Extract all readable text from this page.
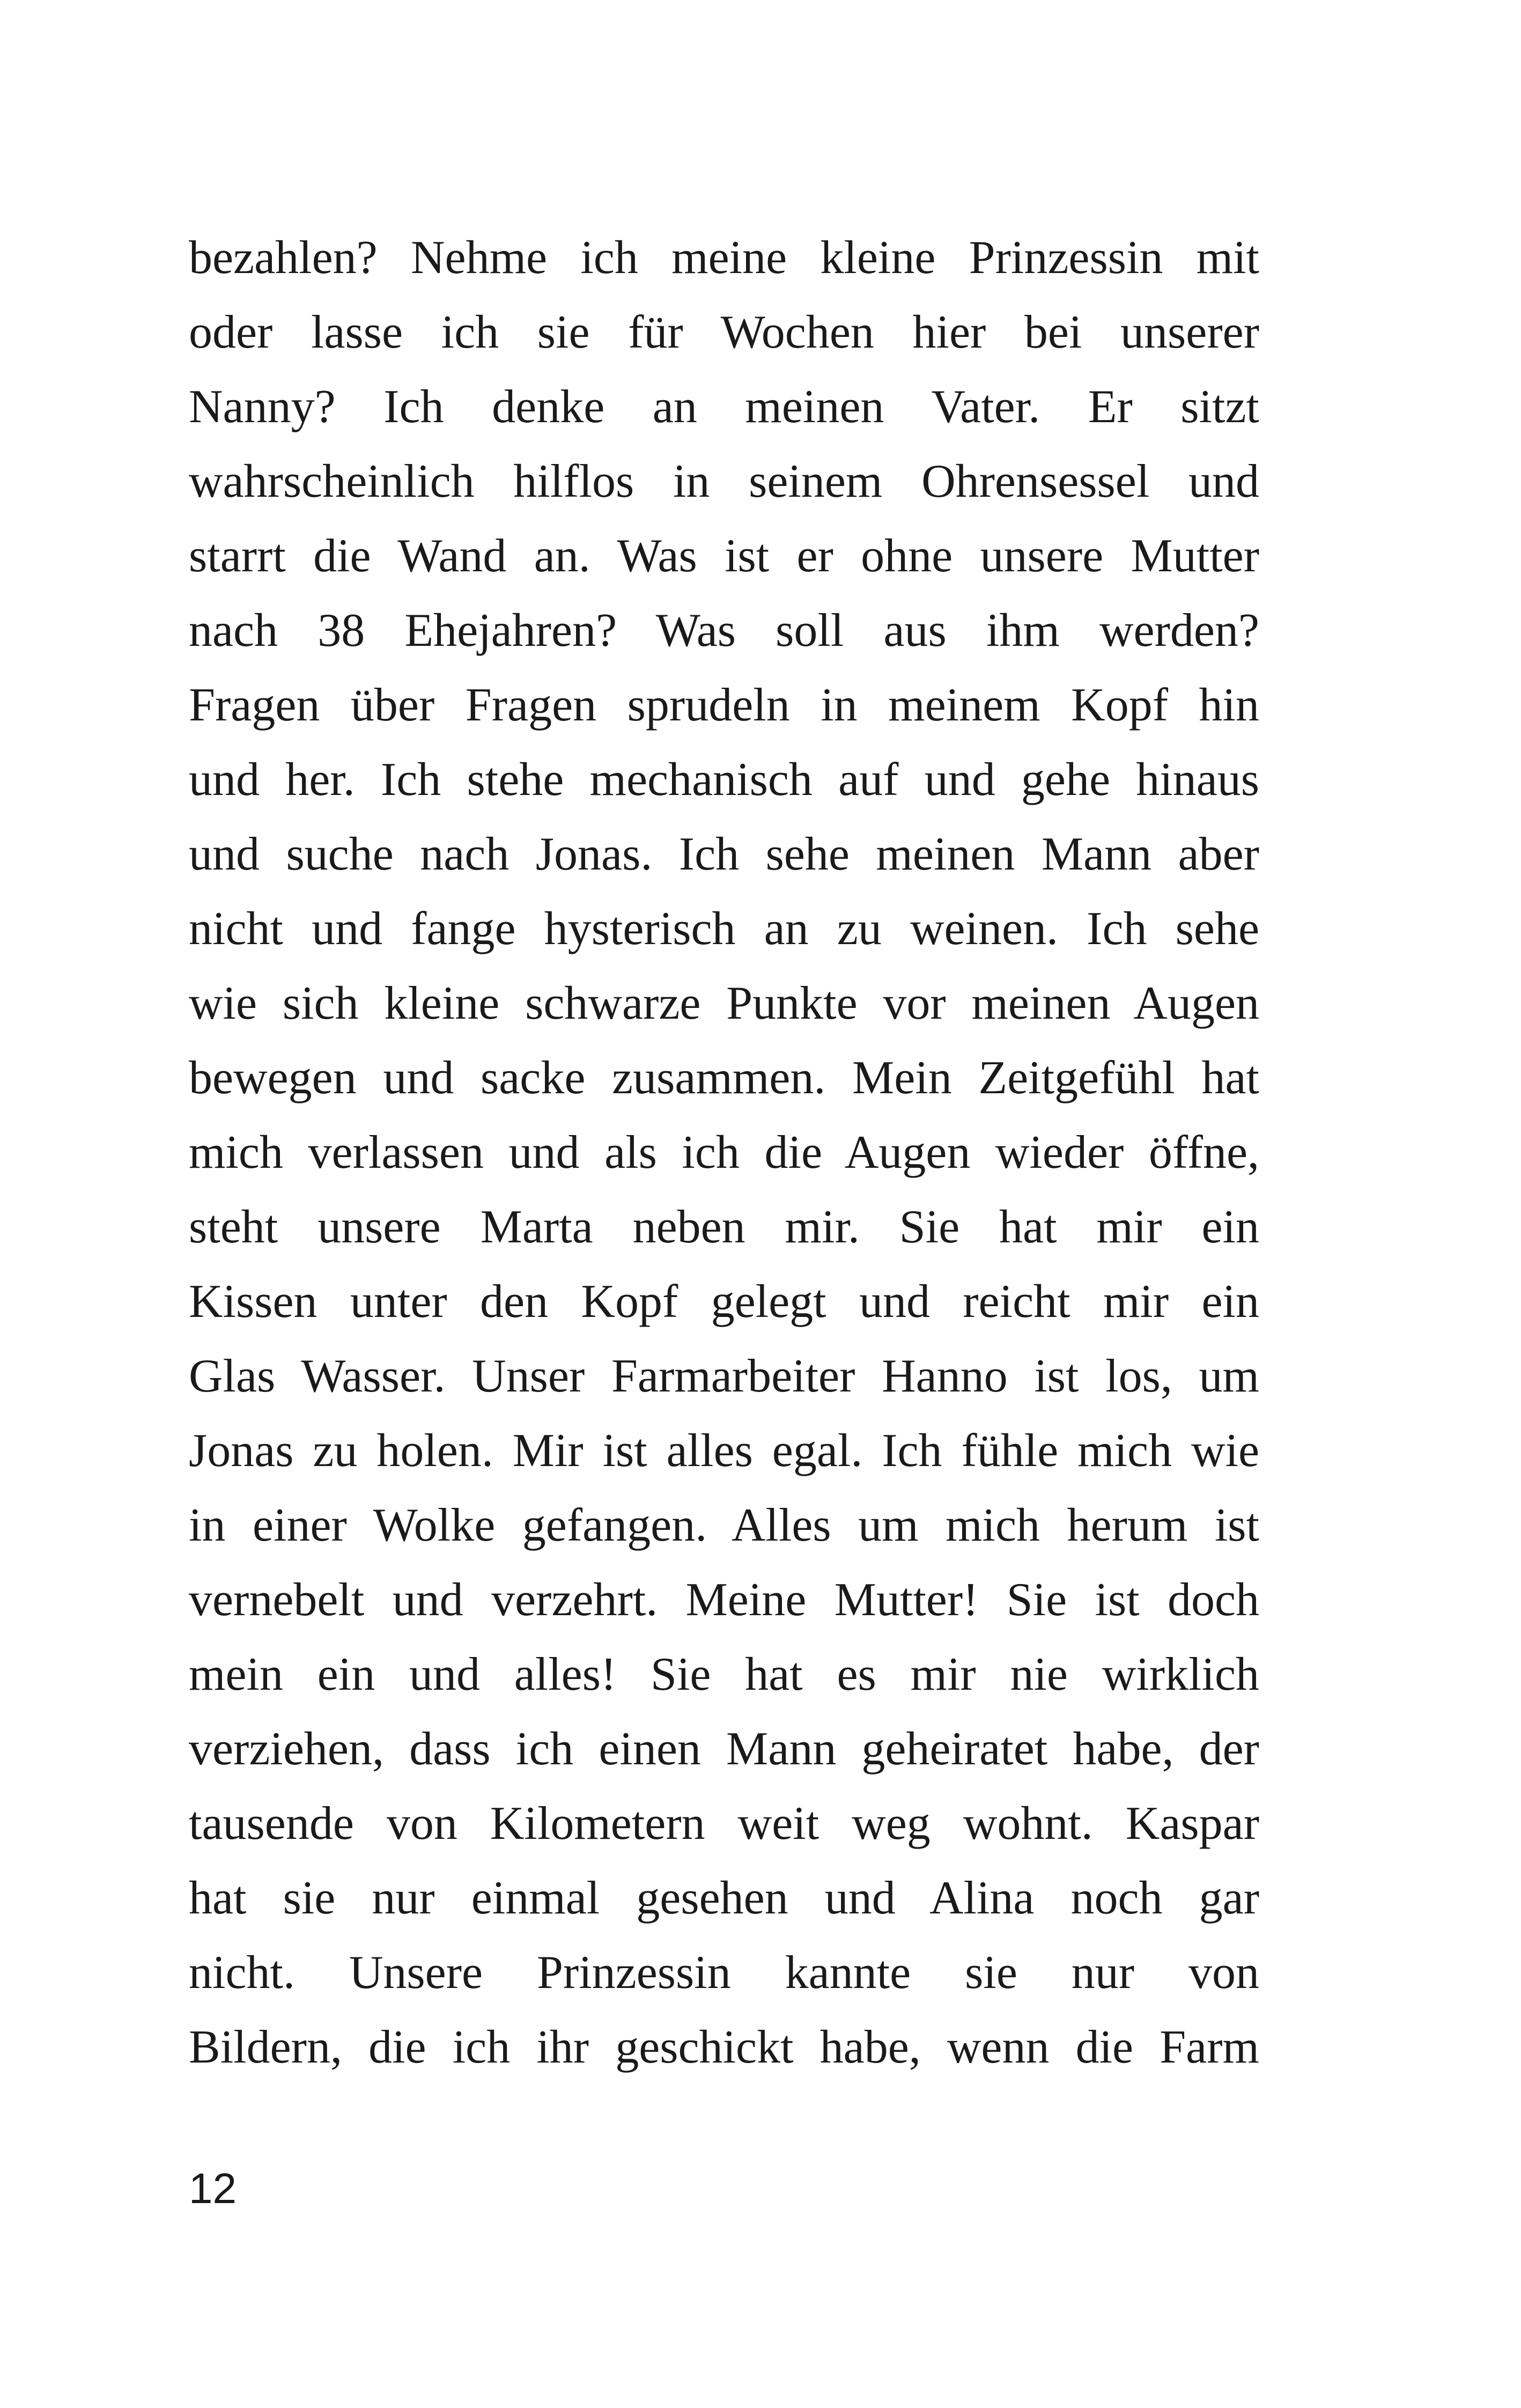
bezahlen? Nehme ich meine kleine Prinzessin mit
oder lasse ich sie für Wochen hier bei unserer
Nanny? Ich denke an meinen Vater. Er sitzt
wahrscheinlich hilflos in seinem Ohrensessel und
starrt die Wand an. Was ist er ohne unsere Mutter
nach 38 Ehejahren? Was soll aus ihm werden?
Fragen über Fragen sprudeln in meinem Kopf hin
und her. Ich stehe mechanisch auf und gehe hinaus
und suche nach Jonas. Ich sehe meinen Mann aber
nicht und fange hysterisch an zu weinen. Ich sehe
wie sich kleine schwarze Punkte vor meinen Augen
bewegen und sacke zusammen. Mein Zeitgefühl hat
mich verlassen und als ich die Augen wieder öffne,
steht unsere Marta neben mir. Sie hat mir ein
Kissen unter den Kopf gelegt und reicht mir ein
Glas Wasser. Unser Farmarbeiter Hanno ist los, um
Jonas zu holen. Mir ist alles egal. Ich fühle mich wie
in einer Wolke gefangen. Alles um mich herum ist
vernebelt und verzehrt. Meine Mutter! Sie ist doch
mein ein und alles! Sie hat es mir nie wirklich
verziehen, dass ich einen Mann geheiratet habe, der
tausende von Kilometern weit weg wohnt. Kaspar
hat sie nur einmal gesehen und Alina noch gar
nicht. Unsere Prinzessin kannte sie nur von
Bildern, die ich ihr geschickt habe, wenn die Farm
12
